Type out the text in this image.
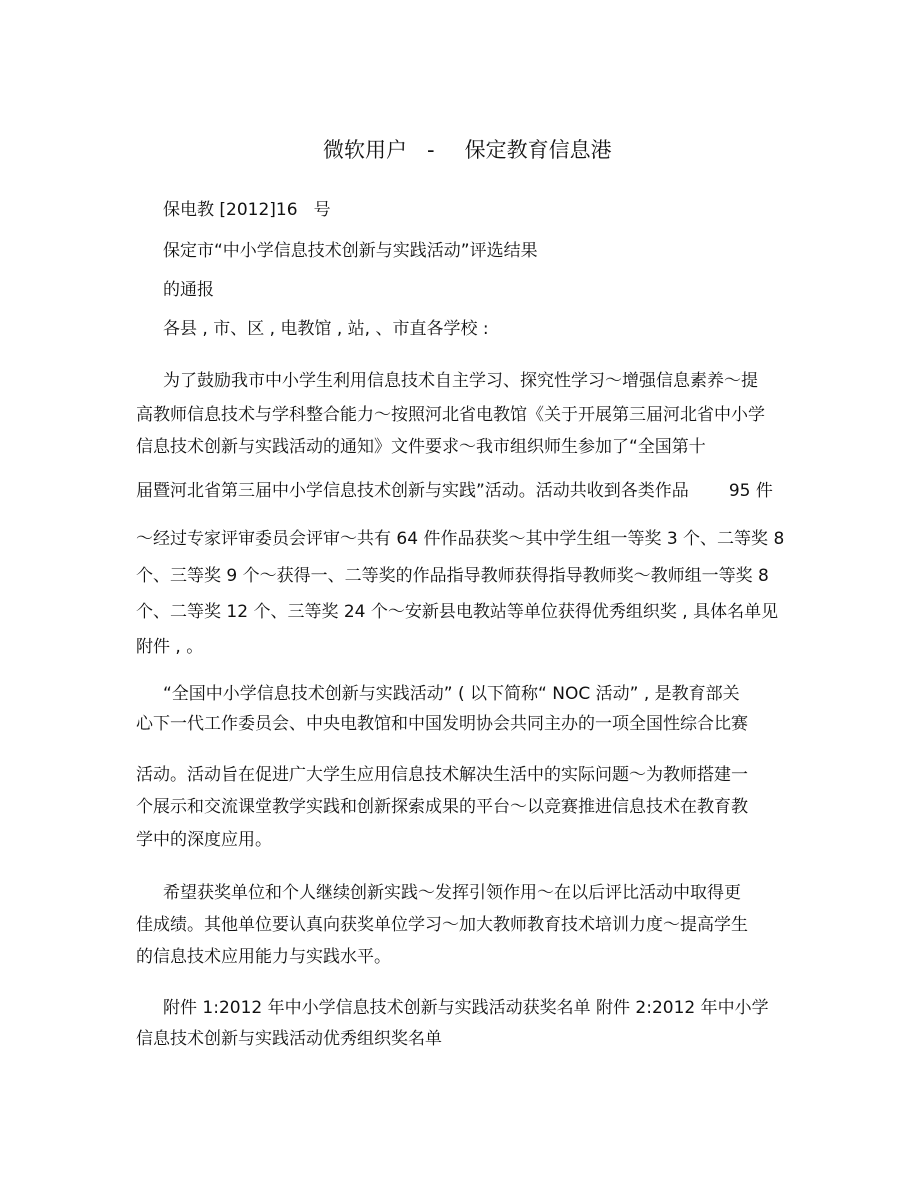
微软用户 - 保定教育信息港
保电教 [2012]16 号
保定市“中小学信息技术创新与实践活动”评选结果
的通报
各县 , 市、区 , 电教馆 , 站, 、市直各学校 :
为了鼓励我市中小学生利用信息技术自主学习、探究性学习～增强信息素养～提
高教师信息技术与学科整合能力～按照河北省电教馆《关于开展第三届河北省中小学
信息技术创新与实践活动的通知》文件要求～我市组织师生参加了“全国第十
届暨河北省第三届中小学信息技术创新与实践”活动。活动共收到各类作品 95 件
～经过专家评审委员会评审～共有 64 件作品获奖～其中学生组一等奖 3 个、二等奖 8
个、三等奖 9 个～获得一、二等奖的作品指导教师获得指导教师奖～教师组一等奖 8
个、二等奖 12 个、三等奖 24 个～安新县电教站等单位获得优秀组织奖 , 具体名单见
附件 , 。
“全国中小学信息技术创新与实践活动” ( 以下简称“ NOC 活动” , 是教育部关
心下一代工作委员会、中央电教馆和中国发明协会共同主办的一项全国性综合比赛
活动。活动旨在促进广大学生应用信息技术解决生活中的实际问题～为教师搭建一
个展示和交流课堂教学实践和创新探索成果的平台～以竞赛推进信息技术在教育教
学中的深度应用。
希望获奖单位和个人继续创新实践～发挥引领作用～在以后评比活动中取得更
佳成绩。其他单位要认真向获奖单位学习～加大教师教育技术培训力度～提高学生
的信息技术应用能力与实践水平。
附件 1:2012 年中小学信息技术创新与实践活动获奖名单 附件 2:2012 年中小学
信息技术创新与实践活动优秀组织奖名单
